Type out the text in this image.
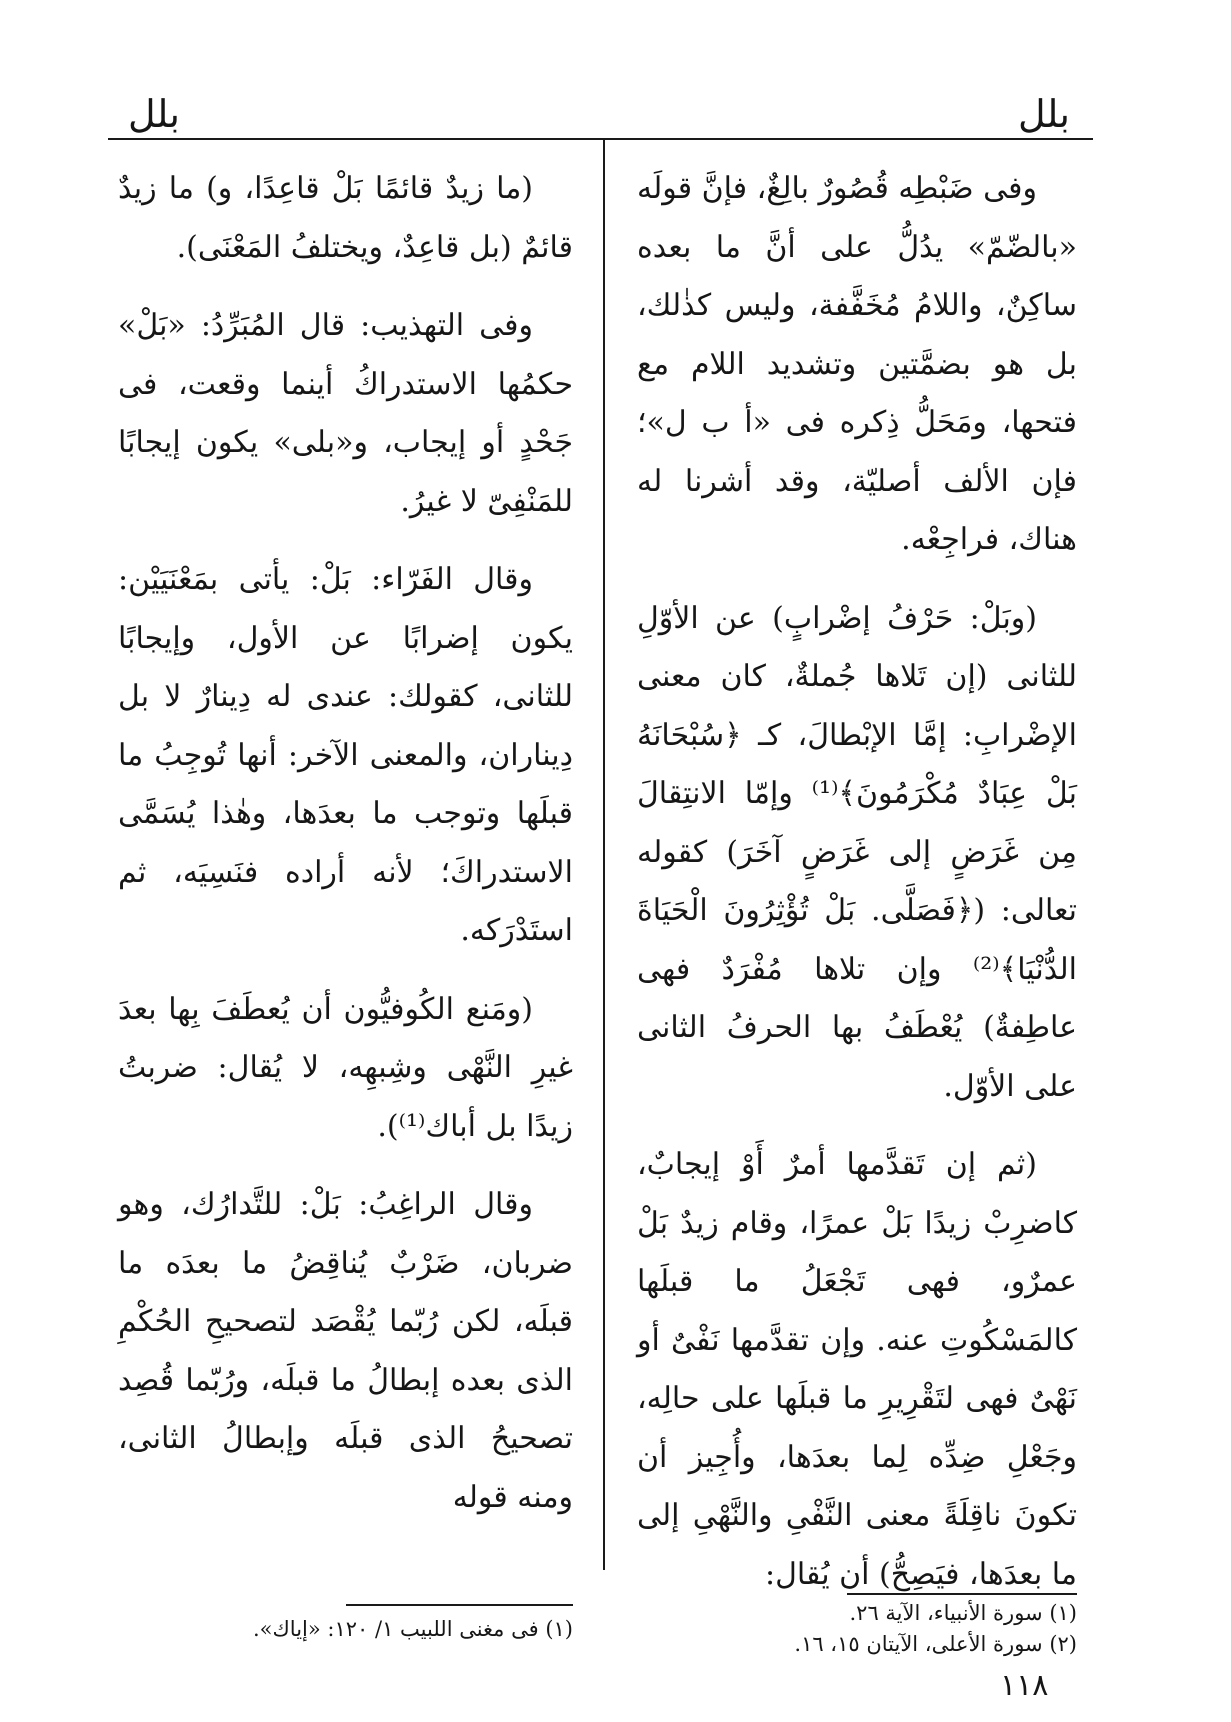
بلل
بلل

وفى ضَبْطِه قُصُورٌ بالِغٌ، فإنَّ قولَه «بالضّمّ» يدُلُّ على أنَّ ما بعده ساكِنٌ، واللامُ مُخَفَّفة، وليس كذٰلك، بل هو بضمَّتين وتشديد اللام مع فتحها، ومَحَلُّ ذِكره فى «أ ب ل»؛ فإن الألف أصليّة، وقد أشرنا له هناك، فراجِعْه.

(وبَلْ: حَرْفُ إضْرابٍ) عن الأوّلِ للثانى (إن تَلاها جُملةٌ، كان معنى الإضْرابِ: إمَّا الإبْطالَ، كـ ﴿سُبْحَانَهُ بَلْ عِبَادٌ مُكْرَمُونَ﴾⁽¹⁾ وإمّا الانتِقالَ مِن غَرَضٍ إلى غَرَضٍ آخَرَ) كقوله تعالى: (﴿فَصَلَّى. بَلْ تُؤْثِرُونَ الْحَيَاةَ الدُّنْيَا﴾⁽²⁾ وإن تلاها مُفْرَدٌ فهى عاطِفةٌ) يُعْطَفُ بها الحرفُ الثانى على الأوّل.

(ثم إن تَقدَّمها أمرٌ أَوْ إيجابٌ، كاضرِبْ زيدًا بَلْ عمرًا، وقام زيدٌ بَلْ عمرٌو، فهى تَجْعَلُ ما قبلَها كالمَسْكُوتِ عنه. وإن تقدَّمها نَفْىٌ أو نَهْىٌ فهى لتَقْرِيرِ ما قبلَها على حالِه، وجَعْلِ ضِدِّه لِما بعدَها، وأُجِيز أن تكونَ ناقِلَةً معنى النَّفْىِ والنَّهْىِ إلى ما بعدَها، فيَصِحُّ) أن يُقال:

(ما زيدٌ قائمًا بَلْ قاعِدًا، و) ما زيدٌ قائمٌ (بل قاعِدٌ، ويختلفُ المَعْنَى).

وفى التهذيب: قال المُبَرِّدُ: «بَلْ» حكمُها الاستدراكُ أينما وقعت، فى جَحْدٍ أو إيجاب، و«بلى» يكون إيجابًا للمَنْفِىّ لا غيرُ.

وقال الفَرّاء: بَلْ: يأتى بمَعْنَيَيْن: يكون إضرابًا عن الأول، وإيجابًا للثانى، كقولك: عندى له دِينارٌ لا بل دِيناران، والمعنى الآخر: أنها تُوجِبُ ما قبلَها وتوجب ما بعدَها، وهٰذا يُسَمَّى الاستدراكَ؛ لأنه أراده فنَسِيَه، ثم استَدْرَكه.

(ومَنع الكُوفيُّون أن يُعطَفَ بِها بعدَ غيرِ النَّهْى وشِبهِه، لا يُقال: ضربتُ زيدًا بل أباك⁽¹⁾).

وقال الراغِبُ: بَلْ: للتَّدارُك، وهو ضربان، ضَرْبٌ يُناقِضُ ما بعدَه ما قبلَه، لكن رُبّما يُقْصَد لتصحيحِ الحُكْمِ الذى بعده إبطالُ ما قبلَه، ورُبّما قُصِد تصحيحُ الذى قبلَه وإبطالُ الثانى، ومنه قوله

(١) سورة الأنبياء، الآية ٢٦.
(٢) سورة الأعلى، الآيتان ١٥، ١٦.
(١) فى مغنى اللبيب ١/ ١٢٠: «إياك».
١١٨
